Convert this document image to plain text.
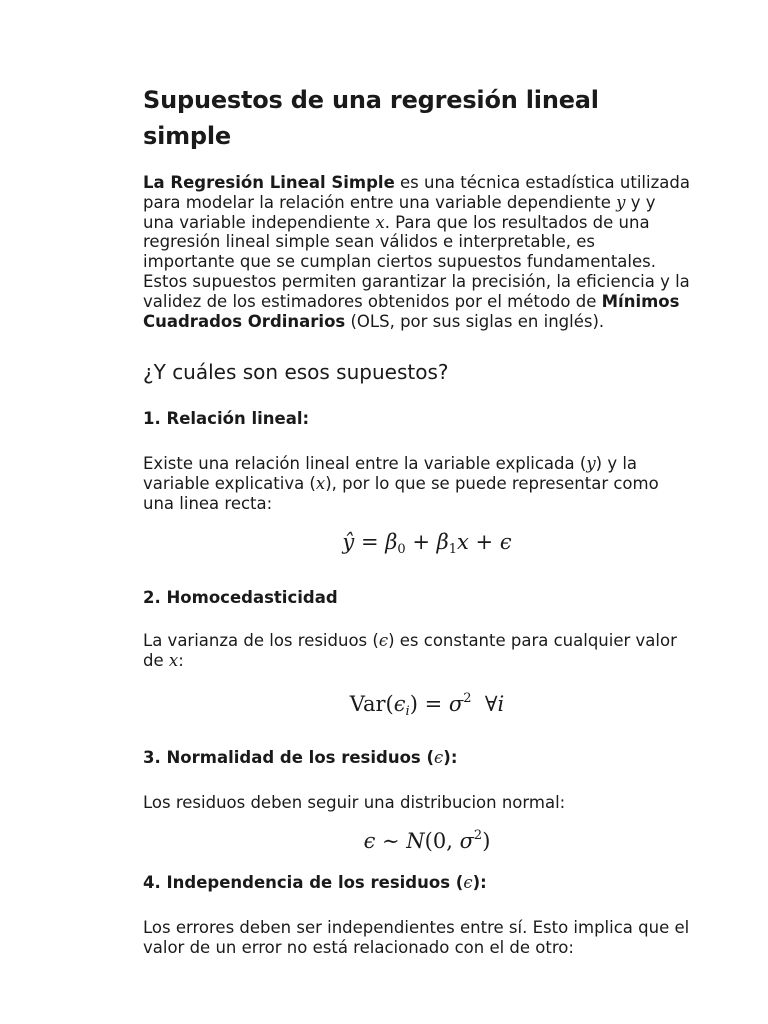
Supuestos de una regresión lineal simple

La Regresión Lineal Simple es una técnica estadística utilizada para modelar la relación entre una variable dependiente y y y una variable independiente x. Para que los resultados de una regresión lineal simple sean válidos e interpretable, es importante que se cumplan ciertos supuestos fundamentales. Estos supuestos permiten garantizar la precisión, la eficiencia y la validez de los estimadores obtenidos por el método de Mínimos Cuadrados Ordinarios (OLS, por sus siglas en inglés).

¿Y cuáles son esos supuestos?
1. Relación lineal:

Existe una relación lineal entre la variable explicada (y) y la variable explicativa (x), por lo que se puede representar como una linea recta:

ŷ = $\beta_0 + \beta_1x + \epsilon$
2. Homocedasticidad

La varianza de los residuos (ϵ) es constante para cualquier valor de x:

$Var(\epsilon_i) = \sigma^2$ ∀i
3. Normalidad de los residuos (ϵ):

Los residuos deben seguir una distribucion normal:

ϵ ∼ N(0, $\sigma^2$)
4. Independencia de los residuos (ϵ):

Los errores deben ser independientes entre sí. Esto implica que el valor de un error no está relacionado con el de otro:
